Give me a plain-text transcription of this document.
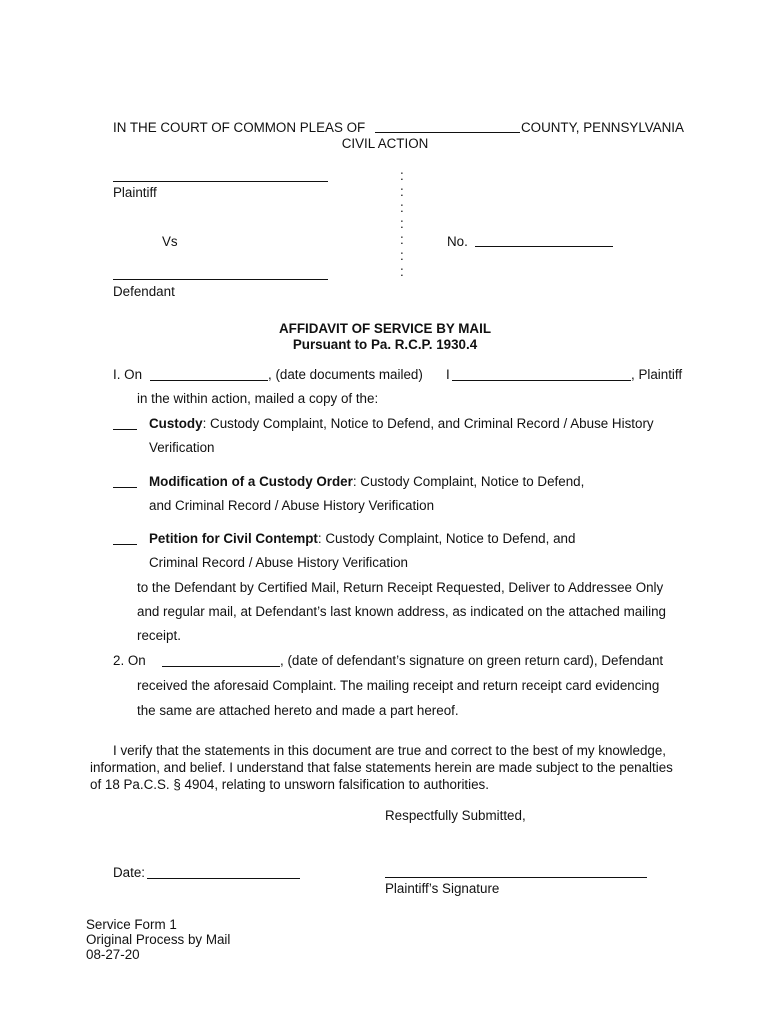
IN THE COURT OF COMMON PLEAS OF	COUNTY, PENNSYLVANIA
CIVIL ACTION
Plaintiff
Vs
Defendant
:
:
:
:
:
:
:
No.
AFFIDAVIT OF SERVICE BY MAIL
Pursuant to Pa. R.C.P. 1930.4
I. On	, (date documents mailed) I	, Plaintiff
in the within action, mailed a copy of the:
Custody: Custody Complaint, Notice to Defend, and Criminal Record / Abuse History
Verification
Modification of a Custody Order: Custody Complaint, Notice to Defend,
and Criminal Record / Abuse History Verification
Petition for Civil Contempt: Custody Complaint, Notice to Defend, and
Criminal Record / Abuse History Verification
to the Defendant by Certified Mail, Return Receipt Requested, Deliver to Addressee Only
and regular mail, at Defendant’s last known address, as indicated on the attached mailing
receipt.
2. On	, (date of defendant’s signature on green return card), Defendant
received the aforesaid Complaint. The mailing receipt and return receipt card evidencing
the same are attached hereto and made a part hereof.
I verify that the statements in this document are true and correct to the best of my knowledge,
information, and belief. I understand that false statements herein are made subject to the penalties
of 18 Pa.C.S. § 4904, relating to unsworn falsification to authorities.
Respectfully Submitted,
Date:
Plaintiff’s Signature
Service Form 1
Original Process by Mail
08-27-20
